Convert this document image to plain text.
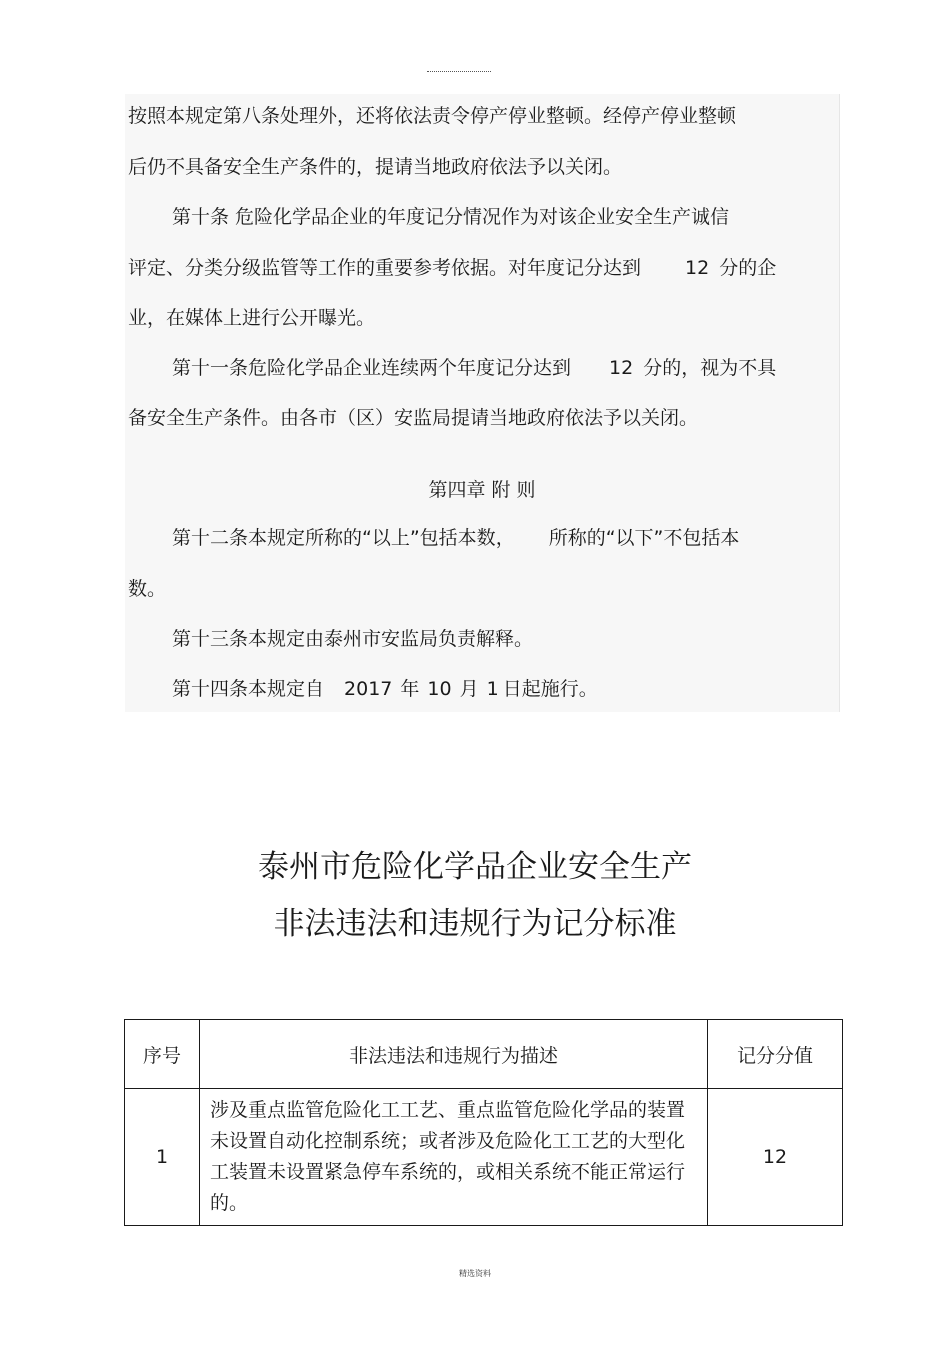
按照本规定第八条处理外，还将依法责令停产停业整顿。经停产停业整顿
后仍不具备安全生产条件的，提请当地政府依法予以关闭。
第十条 危险化学品企业的年度记分情况作为对该企业安全生产诚信
评定、分类分级监管等工作的重要参考依据。对年度记分达到 12 分的企
业，在媒体上进行公开曝光。
第十一条危险化学品企业连续两个年度记分达到 12 分的，视为不具
备安全生产条件。由各市（区）安监局提请当地政府依法予以关闭。
第四章 附 则
第十二条本规定所称的“以上”包括本数， 所称的“以下”不包括本
数。
第十三条本规定由泰州市安监局负责解释。
第十四条本规定自 2017 年 10 月 1 日起施行。
泰州市危险化学品企业安全生产
非法违法和违规行为记分标准
序号	非法违法和违规行为描述	记分分值
1	涉及重点监管危险化工工艺、重点监管危险化学品的装置未设置自动化控制系统；或者涉及危险化工工艺的大型化工装置未设置紧急停车系统的，或相关系统不能正常运行的。	12
精选资料
